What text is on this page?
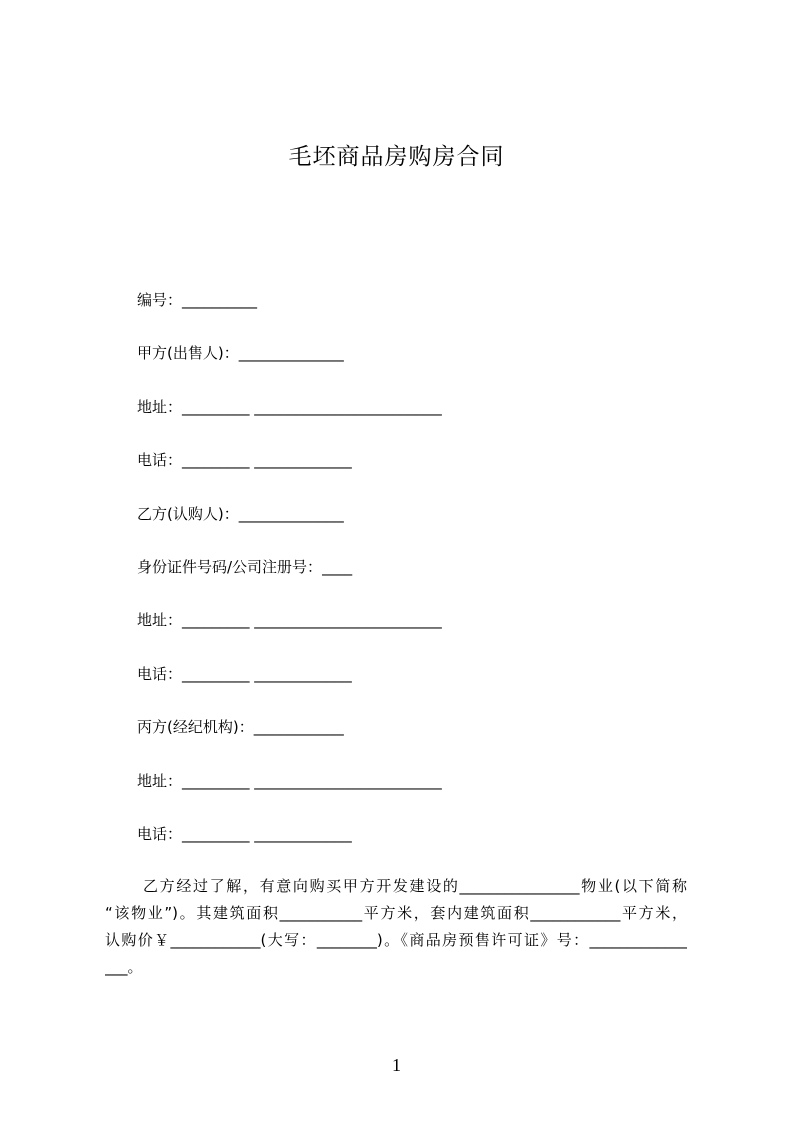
毛坯商品房购房合同
编号：__________
甲方(出售人)：______________
地址：_________ _________________________
电话：_________ _____________
乙方(认购人)：______________
身份证件号码/公司注册号：____
地址：_________ _________________________
电话：_________ _____________
丙方(经纪机构)：____________
地址：_________ _________________________
电话：_________ _____________
乙方经过了解，有意向购买甲方开发建设的________________物业(以下简称
“该物业”)。其建筑面积___________平方米，套内建筑面积____________平方米，
认购价￥____________(大写：________)。《商品房预售许可证》号：_____________
___。
1
